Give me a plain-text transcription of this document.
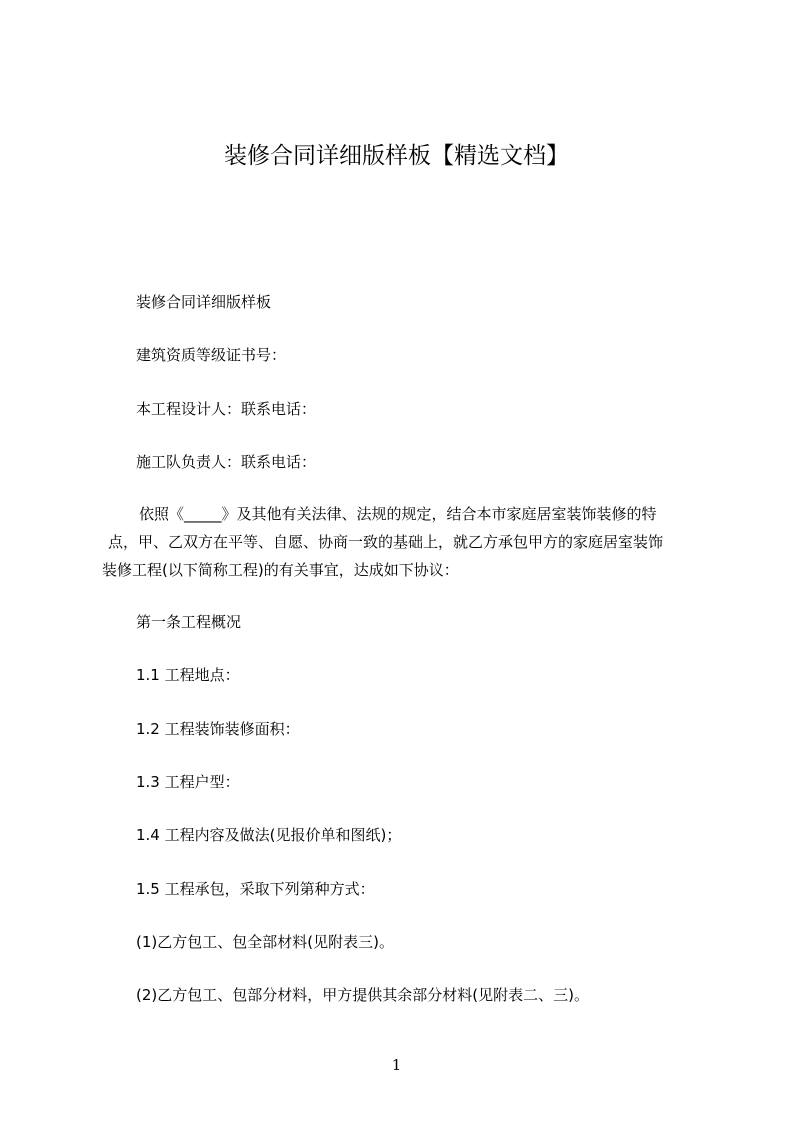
装修合同详细版样板【精选文档】
装修合同详细版样板
建筑资质等级证书号：
本工程设计人：联系电话：
施工队负责人：联系电话：
依照《_____》及其他有关法律、法规的规定，结合本市家庭居室装饰装修的特
点，甲、乙双方在平等、自愿、协商一致的基础上，就乙方承包甲方的家庭居室装饰
装修工程(以下简称工程)的有关事宜，达成如下协议：
第一条工程概况
1.1 工程地点：
1.2 工程装饰装修面积：
1.3 工程户型：
1.4 工程内容及做法(见报价单和图纸)；
1.5 工程承包，采取下列第种方式：
(1)乙方包工、包全部材料(见附表三)。
(2)乙方包工、包部分材料，甲方提供其余部分材料(见附表二、三)。
1
